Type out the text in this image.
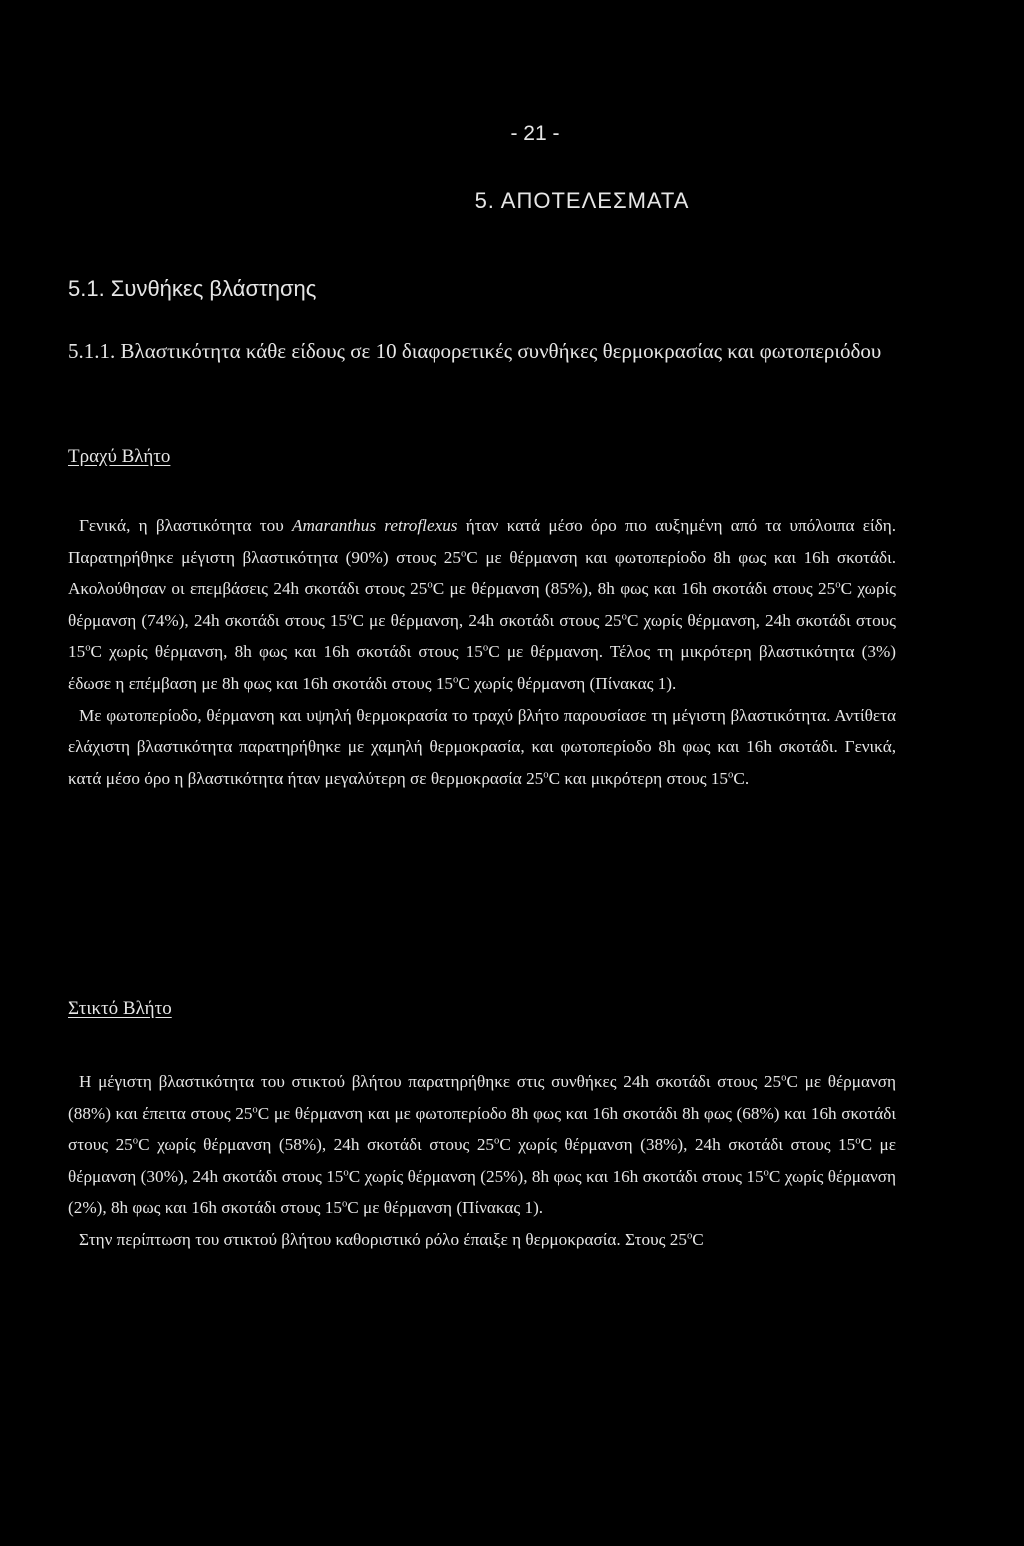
- 21 -
5. ΑΠΟΤΕΛΕΣΜΑΤΑ
5.1. Συνθήκες βλάστησης
5.1.1. Βλαστικότητα κάθε είδους σε 10 διαφορετικές συνθήκες θερμοκρασίας και φωτοπεριόδου
Τραχύ Βλήτο

Γενικά, η βλαστικότητα του Amaranthus retroflexus ήταν κατά μέσο όρο πιο αυξημένη από τα υπόλοιπα είδη. Παρατηρήθηκε μέγιστη βλαστικότητα (90%) στους 25$^o$C με θέρμανση και φωτοπερίοδο 8h φως και 16h σκοτάδι. Ακολούθησαν οι επεμβάσεις 24h σκοτάδι στους 25$^o$C με θέρμανση (85%), 8h φως και 16h σκοτάδι στους 25$^o$C χωρίς θέρμανση (74%), 24h σκοτάδι στους 15$^o$C με θέρμανση, 24h σκοτάδι στους 25$^o$C χωρίς θέρμανση, 24h σκοτάδι στους 15$^o$C χωρίς θέρμανση, 8h φως και 16h σκοτάδι στους 15$^o$C με θέρμανση. Τέλος τη μικρότερη βλαστικότητα (3%) έδωσε η επέμβαση με 8h φως και 16h σκοτάδι στους 15$^o$C χωρίς θέρμανση (Πίνακας 1).

Με φωτοπερίοδο, θέρμανση και υψηλή θερμοκρασία το τραχύ βλήτο παρουσίασε τη μέγιστη βλαστικότητα. Αντίθετα ελάχιστη βλαστικότητα παρατηρήθηκε με χαμηλή θερμοκρασία, και φωτοπερίοδο 8h φως και 16h σκοτάδι. Γενικά, κατά μέσο όρο η βλαστικότητα ήταν μεγαλύτερη σε θερμοκρασία 25$^o$C και μικρότερη στους 15$^o$C.

Στικτό Βλήτο

Η μέγιστη βλαστικότητα του στικτού βλήτου παρατηρήθηκε στις συνθήκες 24h σκοτάδι στους 25$^o$C με θέρμανση (88%) και έπειτα στους 25$^o$C με θέρμανση και με φωτοπερίοδο 8h φως και 16h σκοτάδι 8h φως (68%) και 16h σκοτάδι στους 25$^o$C χωρίς θέρμανση (58%), 24h σκοτάδι στους 25$^o$C χωρίς θέρμανση (38%), 24h σκοτάδι στους 15$^o$C με θέρμανση (30%), 24h σκοτάδι στους 15$^o$C χωρίς θέρμανση (25%), 8h φως και 16h σκοτάδι στους 15$^o$C χωρίς θέρμανση (2%), 8h φως και 16h σκοτάδι στους 15$^o$C με θέρμανση (Πίνακας 1).

Στην περίπτωση του στικτού βλήτου καθοριστικό ρόλο έπαιξε η θερμοκρασία. Στους 25$^o$C
